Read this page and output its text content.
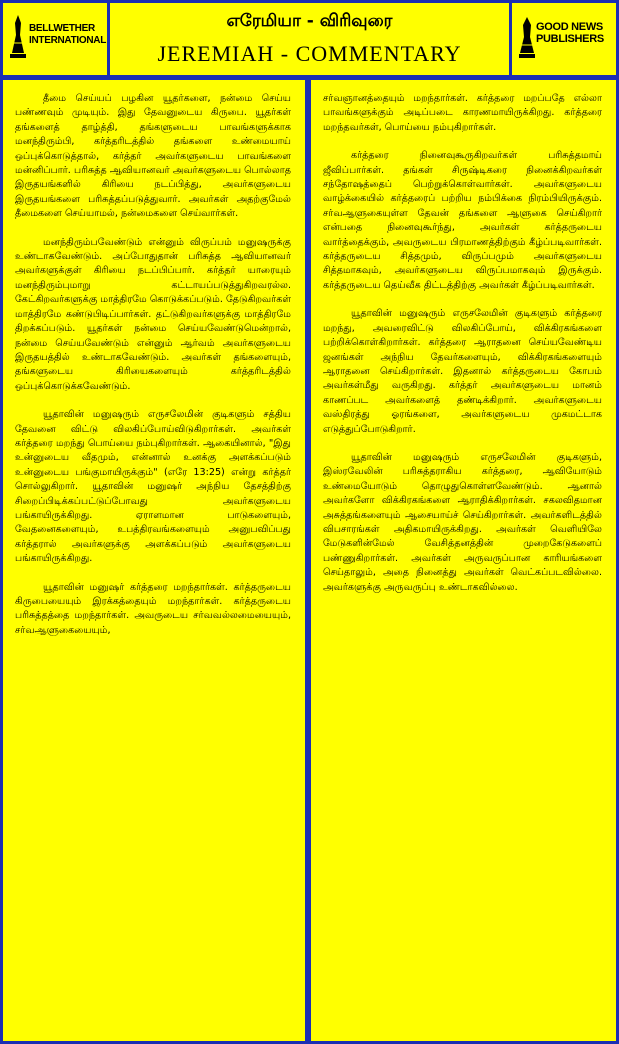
BELLWETHER
INTERNATIONAL
எரேமியா - விரிவுரை
JEREMIAH - COMMENTARY
GOOD NEWS
PUBLISHERS

தீமை செய்யப் பழகின யூதர்களை, நன்மை செய்ய பண்ணவும் முடியும். இது தேவனுடைய கிருபை. யூதர்கள் தங்களைத் தாழ்த்தி, தங்களுடைய பாவங்களுக்காக மனந்திரும்பி, கர்த்தரிடத்தில் தங்களை உண்மையாய் ஒப்புக்கொடுத்தால், கர்த்தர் அவர்களுடைய பாவங்களை மன்னிப்பார். பரிசுத்த ஆவியானவர் அவர்களுடைய பொல்லாத இருதயங்களில் கிரியை நடப்பித்து, அவர்களுடைய இருதயங்களை பரிசுத்தப்படுத்துவார். அவர்கள் அதற்குமேல் தீமைகளை செய்யாமல், நன்மைகளை செய்வார்கள்.

மனந்திரும்பவேண்டும் என்னும் விருப்பம் மனுஷருக்கு உண்டாகவேண்டும். அப்போதுதான் பரிசுத்த ஆவியானவர் அவர்களுக்குள் கிரியை நடப்பிப்பார். கர்த்தர் யாரையும் மனந்திரும்புமாறு கட்டாயப்படுத்துகிறவரல்ல. கேட்கிறவர்களுக்கு மாத்திரமே கொடுக்கப்படும். தேடுகிறவர்கள் மாத்திரமே கண்டுபிடிப்பார்கள். தட்டுகிறவர்களுக்கு மாத்திரமே திறக்கப்படும். யூதர்கள் நன்மை செய்யவேண்டுமென்றால், நன்மை செய்யவேண்டும் என்னும் ஆர்வம் அவர்களுடைய இருதயத்தில் உண்டாகவேண்டும். அவர்கள் தங்களையும், தங்களுடைய கிரியைகளையும் கர்த்தரிடத்தில் ஒப்புக்கொடுக்கவேண்டும்.

யூதாவின் மனுஷரும் எருசலேமின் குடிகளும் சத்திய தேவனை விட்டு விலகிப்போய்விடுகிறார்கள். அவர்கள் கர்த்தரை மறந்து பொய்யை நம்புகிறார்கள். ஆகையினால், "இது உன்னுடைய வீதமும், என்னால் உனக்கு அளக்கப்படும் உன்னுடைய பங்குமாயிருக்கும்" (எரே 13:25) என்று கர்த்தர் சொல்லுகிறார். யூதாவின் மனுஷர் அந்நிய தேசத்திற்கு சிறைப்பிடிக்கப்பட்டுப்போவது அவர்களுடைய பங்காயிருக்கிறது. ஏராளமான பாடுகளையும், வேதனைகளையும், உபத்திரவங்களையும் அனுபவிப்பது கர்த்தரால் அவர்களுக்கு அளக்கப்படும் அவர்களுடைய பங்காயிருக்கிறது.

யூதாவின் மனுஷர் கர்த்தரை மறந்தார்கள். கர்த்தருடைய கிருபையையும் இரக்கத்தையும் மறந்தார்கள். கர்த்தருடைய பரிசுத்தத்தை மறந்தார்கள். அவருடைய சர்வவல்லமையையும், சர்வஆளுகையையும்,

சர்வஞானத்தையும் மறந்தார்கள். கர்த்தரை மறப்பதே எல்லா பாவங்களுக்கும் அடிப்படை காரணமாயிருக்கிறது. கர்த்தரை மறந்தவர்கள், பொய்யை நம்புகிறார்கள்.

கர்த்தரை நினைவுகூருகிறவர்கள் பரிசுத்தமாய் ஜீவிப்பார்கள். தங்கள் சிருஷ்டிகரை நினைக்கிறவர்கள் சந்தோஷத்தைப் பெற்றுக்கொள்வார்கள். அவர்களுடைய வாழ்க்கையில் கர்த்தரைப் பற்றிய நம்பிக்கை நிரம்பியிருக்கும். சர்வஆளுகையுள்ள தேவன் தங்களை ஆளுகை செய்கிறார் என்பதை நினைவுகூர்ந்து, அவர்கள் கர்த்தருடைய வார்த்தைக்கும், அவருடைய பிரமாணத்திற்கும் கீழ்ப்படிவார்கள். கர்த்தருடைய சித்தமும், விருப்பமும் அவர்களுடைய சித்தமாகவும், அவர்களுடைய விருப்பமாகவும் இருக்கும். கர்த்தருடைய தெய்வீக திட்டத்திற்கு அவர்கள் கீழ்ப்படிவார்கள்.

யூதாவின் மனுஷரும் எருசலேமின் குடிகளும் கர்த்தரை மறந்து, அவரைவிட்டு விலகிப்போய், விக்கிரகங்களை பற்றிக்கொள்கிறார்கள். கர்த்தரை ஆராதனை செய்யவேண்டிய ஜனங்கள் அந்நிய தேவர்களையும், விக்கிரகங்களையும் ஆராதனை செய்கிறார்கள். இதனால் கர்த்தருடைய கோபம் அவர்கள்மீது வருகிறது. கர்த்தர் அவர்களுடைய மானம் காணப்பட அவர்களைத் தண்டிக்கிறார். அவர்களுடைய வஸ்திரத்து ஓரங்களை, அவர்களுடைய முகமட்டாக எடுத்துப்போடுகிறார்.

யூதாவின் மனுஷரும் எருசலேமின் குடிகளும், இஸ்ரவேலின் பரிசுத்தராகிய கர்த்தரை, ஆவியோடும் உண்மையோடும் தொழுதுகொள்ளவேண்டும். ஆனால் அவர்களோ விக்கிரகங்களை ஆராதிக்கிறார்கள். சகலவிதமான அசுத்தங்களையும் ஆசையாய்ச் செய்கிறார்கள். அவர்களிடத்தில் விபசாரங்கள் அதிகமாயிருக்கிறது. அவர்கள் வெளியிலே மேடுகளின்மேல் வேசித்தனத்தின் முறைகேடுகளைப் பண்ணுகிறார்கள். அவர்கள் அருவருப்பான காரியங்களை செய்தாலும், அதை நினைத்து அவர்கள் வெட்கப்படவில்லை. அவர்களுக்கு அருவருப்பு உண்டாகவில்லை.
